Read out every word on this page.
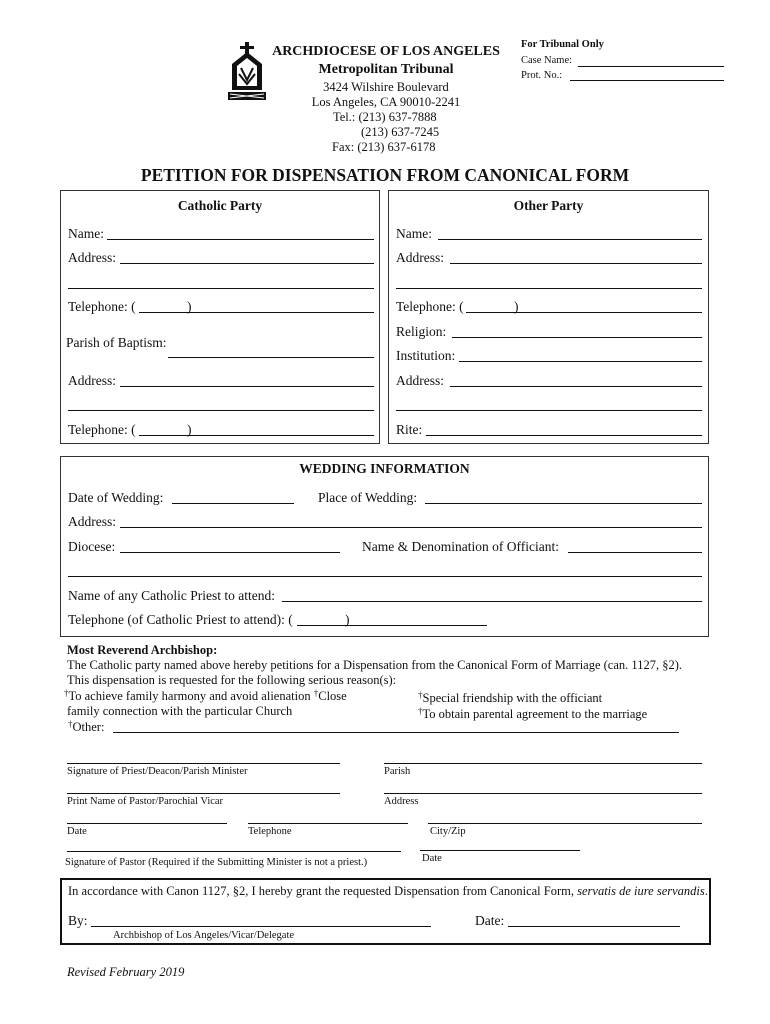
ARCHDIOCESE OF LOS ANGELES
Metropolitan Tribunal
3424 Wilshire Boulevard
Los Angeles, CA 90010-2241
Tel.: (213) 637-7888
(213) 637-7245
Fax: (213) 637-6178
For Tribunal Only
Case Name:
Prot. No.:
PETITION FOR DISPENSATION FROM CANONICAL FORM
Catholic Party	Other Party
Name:
Address:
Telephone: (	)
Parish of Baptism:
Address:
Telephone: (	)
Name:
Address:
Telephone: (	)
Religion:
Institution:
Address:
Rite:
WEDDING INFORMATION
Date of Wedding:	Place of Wedding:
Address:
Diocese:	Name & Denomination of Officiant:
Name of any Catholic Priest to attend:
Telephone (of Catholic Priest to attend): (	)
Most Reverend Archbishop:
The Catholic party named above hereby petitions for a Dispensation from the Canonical Form of Marriage (can. 1127, §2).
This dispensation is requested for the following serious reason(s):
†To achieve family harmony and avoid alienation †Close
family connection with the particular Church
†Special friendship with the officiant
†To obtain parental agreement to the marriage
†Other:
Signature of Priest/Deacon/Parish Minister	Parish
Print Name of Pastor/Parochial Vicar	Address
Date	Telephone	City/Zip
Signature of Pastor (Required if the Submitting Minister is not a priest.)	Date
In accordance with Canon 1127, §2, I hereby grant the requested Dispensation from Canonical Form, servatis de iure servandis.
By:	Date:
Archbishop of Los Angeles/Vicar/Delegate
Revised February 2019
